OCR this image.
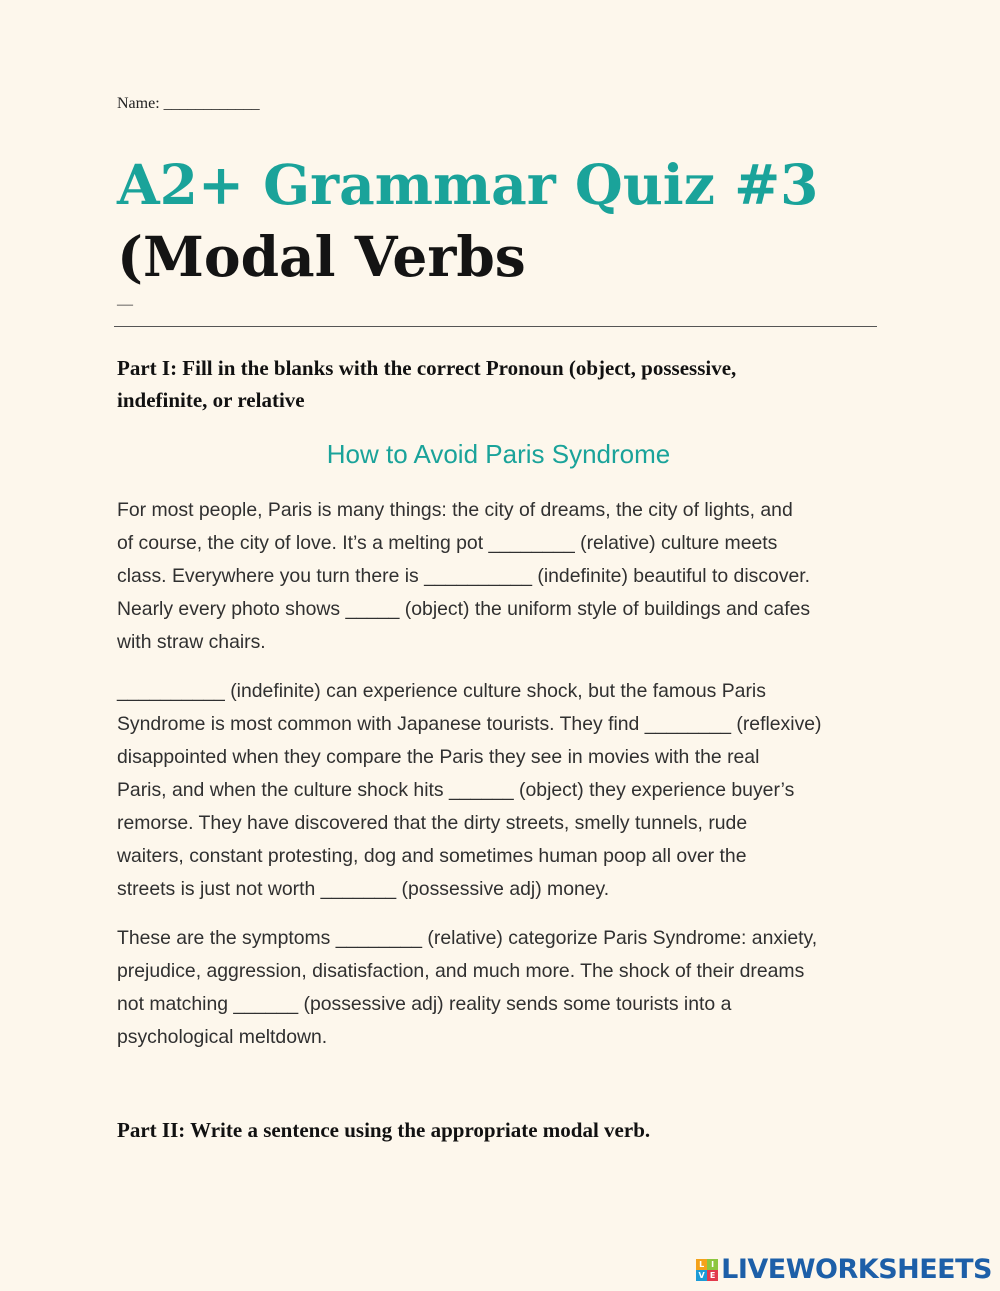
Name: ____________
A2+ Grammar Quiz #3
(Modal Verbs
—
Part I: Fill in the blanks with the correct Pronoun (object, possessive,
indefinite, or relative
How to Avoid Paris Syndrome
For most people, Paris is many things: the city of dreams, the city of lights, and
of course, the city of love. It’s a melting pot ________ (relative) culture meets
class. Everywhere you turn there is __________ (indefinite) beautiful to discover.
Nearly every photo shows _____ (object) the uniform style of buildings and cafes
with straw chairs.
__________ (indefinite) can experience culture shock, but the famous Paris
Syndrome is most common with Japanese tourists. They find ________ (reflexive)
disappointed when they compare the Paris they see in movies with the real
Paris, and when the culture shock hits ______ (object) they experience buyer’s
remorse. They have discovered that the dirty streets, smelly tunnels, rude
waiters, constant protesting, dog and sometimes human poop all over the
streets is just not worth _______ (possessive adj) money.
These are the symptoms ________ (relative) categorize Paris Syndrome: anxiety,
prejudice, aggression, disatisfaction, and much more. The shock of their dreams
not matching ______ (possessive adj) reality sends some tourists into a
psychological meltdown.
Part II: Write a sentence using the appropriate modal verb.
L I
V E LIVEWORKSHEETS
